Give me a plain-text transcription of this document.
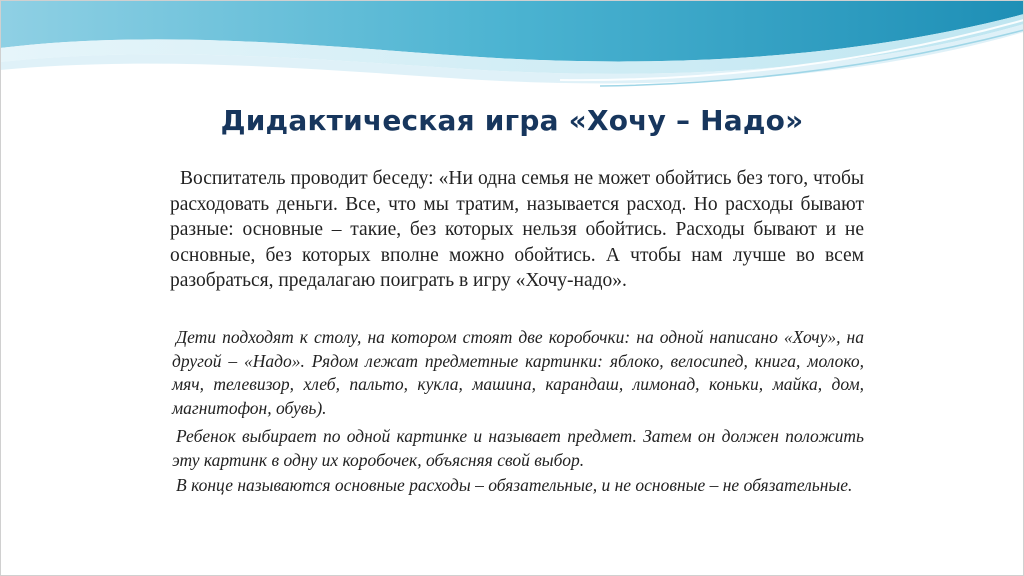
Дидактическая игра «Хочу – Надо»

Воспитатель проводит беседу: «Ни одна семья не может обойтись без того, чтобы расходовать деньги. Все, что мы тратим, называется расход. Но расходы бывают разные: основные – такие, без которых нельзя обойтись. Расходы бывают и не основные, без которых вполне можно обойтись. А чтобы нам лучше во всем разобраться, предалагаю поиграть в игру «Хочу-надо».

Дети подходят к столу, на котором стоят две коробочки: на одной написано «Хочу», на другой – «Надо». Рядом лежат предметные картинки: яблоко, велосипед, книга, молоко, мяч, телевизор, хлеб, пальто, кукла, машина, карандаш, лимонад, коньки, майка, дом, магнитофон, обувь).

Ребенок выбирает по одной картинке и называет предмет. Затем он должен положить эту картинк в одну их коробочек, объясняя свой выбор.

В конце называются основные расходы – обязательные, и не основные – не обязательные.
